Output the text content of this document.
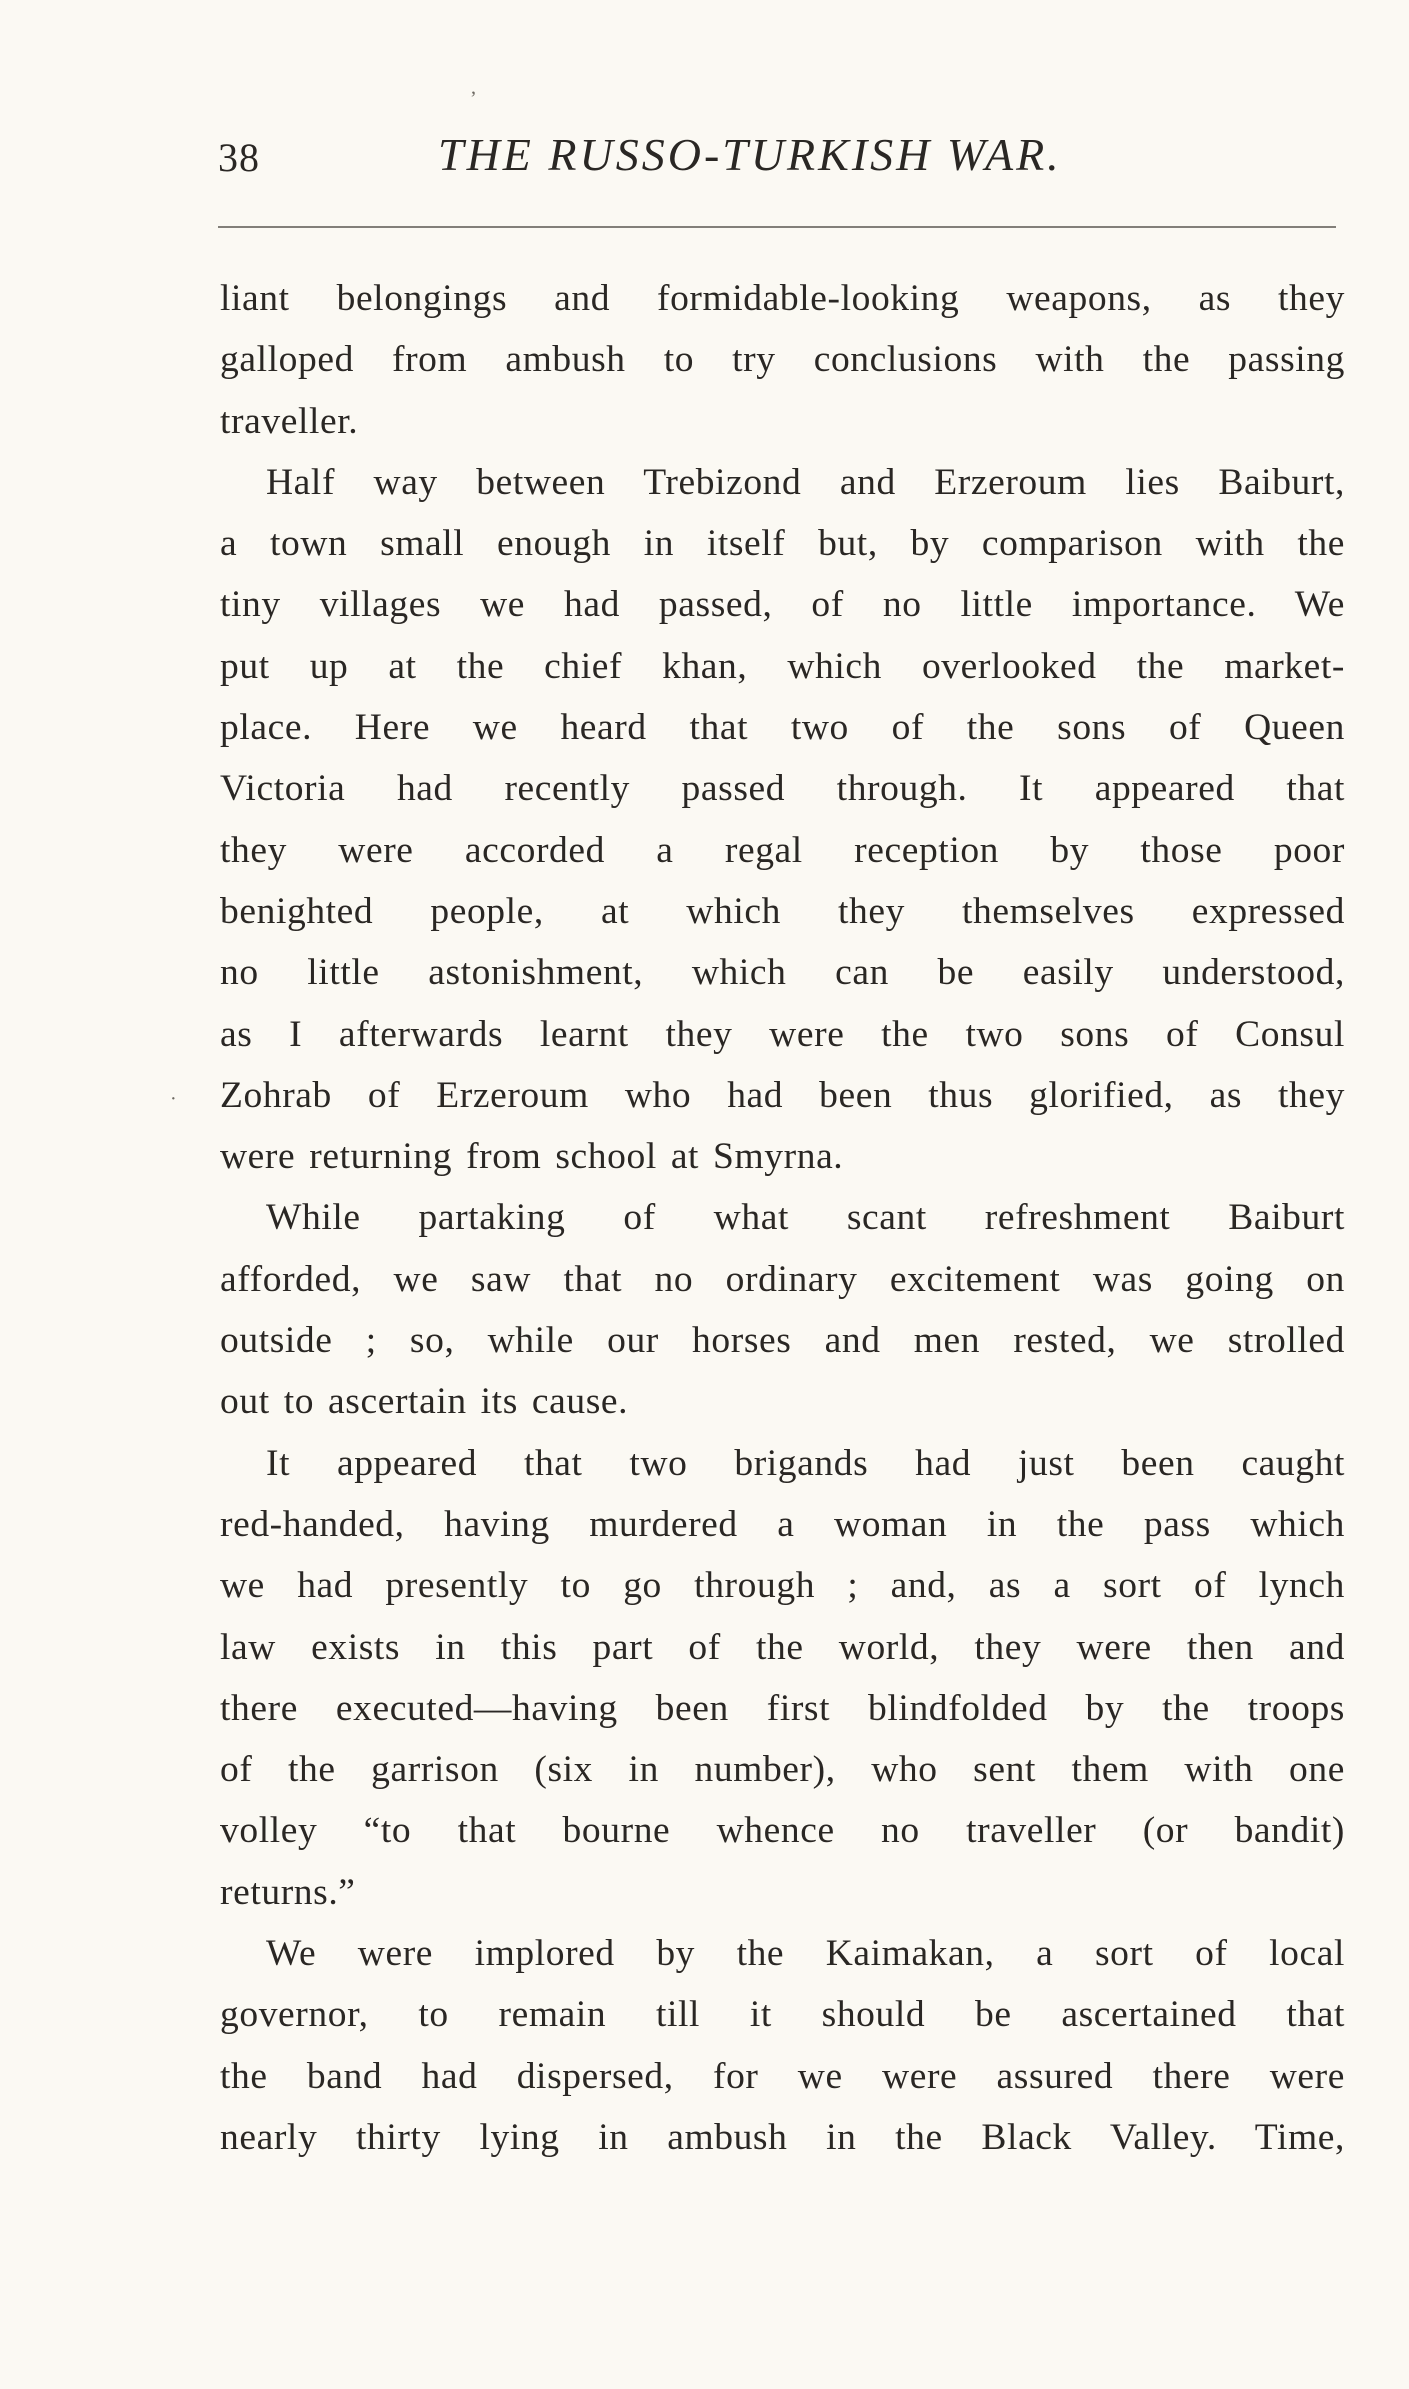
38	THE RUSSO-TURKISH WAR.
liant belongings and formidable-looking weapons, as they
galloped from ambush to try conclusions with the passing
traveller.
Half way between Trebizond and Erzeroum lies Baiburt,
a town small enough in itself but, by comparison with the
tiny villages we had passed, of no little importance. We
put up at the chief khan, which overlooked the market-
place. Here we heard that two of the sons of Queen
Victoria had recently passed through. It appeared that
they were accorded a regal reception by those poor
benighted people, at which they themselves expressed
no little astonishment, which can be easily understood,
as I afterwards learnt they were the two sons of Consul
Zohrab of Erzeroum who had been thus glorified, as they
were returning from school at Smyrna.
While partaking of what scant refreshment Baiburt
afforded, we saw that no ordinary excitement was going on
outside ; so, while our horses and men rested, we strolled
out to ascertain its cause.
It appeared that two brigands had just been caught
red-handed, having murdered a woman in the pass which
we had presently to go through ; and, as a sort of lynch
law exists in this part of the world, they were then and
there executed—having been first blindfolded by the troops
of the garrison (six in number), who sent them with one
volley “to that bourne whence no traveller (or bandit)
returns.”
We were implored by the Kaimakan, a sort of local
governor, to remain till it should be ascertained that
the band had dispersed, for we were assured there were
nearly thirty lying in ambush in the Black Valley. Time,
ʼ
·
